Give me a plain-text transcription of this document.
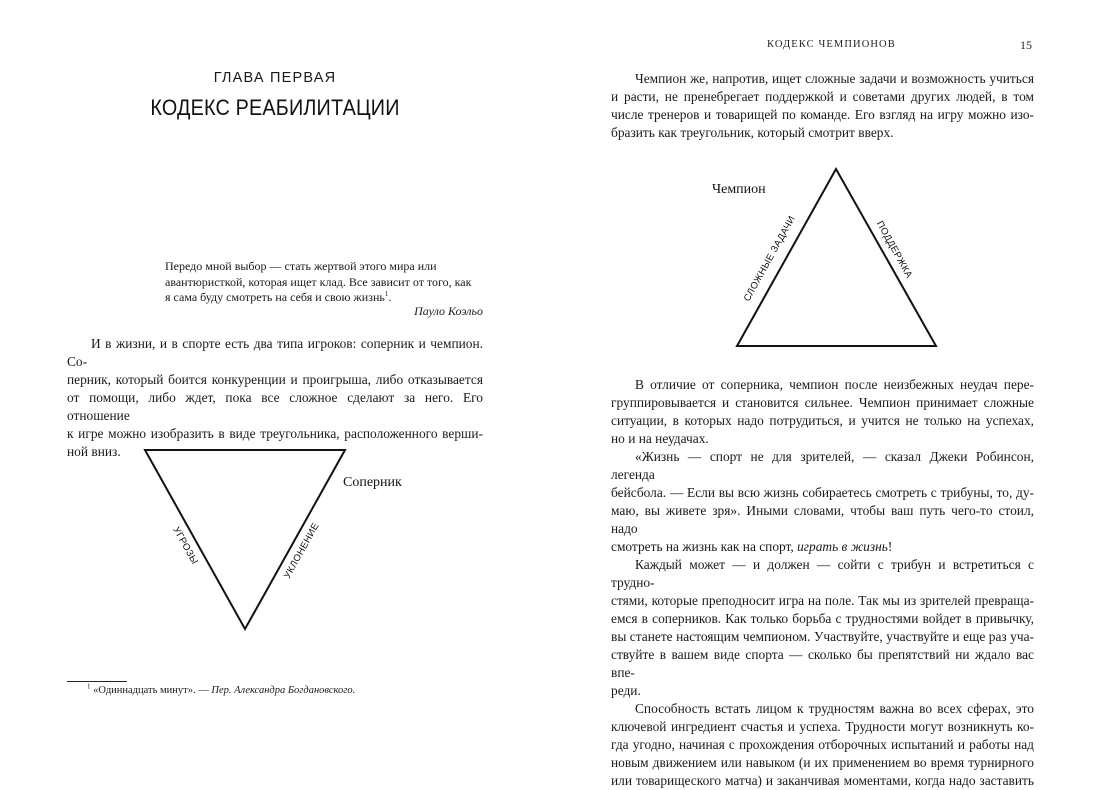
ГЛАВА ПЕРВАЯ
КОДЕКС РЕАБИЛИТАЦИИ
Передо мной выбор — стать жертвой этого мира или
авантюристкой, которая ищет клад. Все зависит от того, как
я сама буду смотреть на себя и свою жизнь$^1$.
Пауло Коэльо
И в жизни, и в спорте есть два типа игроков: соперник и чемпион. Со-
перник, который боится конкуренции и проигрыша, либо отказывается
от помощи, либо ждет, пока все сложное сделают за него. Его отношение
к игре можно изобразить в виде треугольника, расположенного верши-
ной вниз.
Соперник
УГРОЗЫ	УКЛОНЕНИЕ
$^1$ «Одиннадцать минут». — Пер. Александра Богдановского.
КОДЕКС ЧЕМПИОНОВ	15
Чемпион же, напротив, ищет сложные задачи и возможность учиться
и расти, не пренебрегает поддержкой и советами других людей, в том
числе тренеров и товарищей по команде. Его взгляд на игру можно изо-
бразить как треугольник, который смотрит вверх.
Чемпион
СЛОЖНЫЕ ЗАДАЧИ	ПОДДЕРЖКА
В отличие от соперника, чемпион после неизбежных неудач пере-
группировывается и становится сильнее. Чемпион принимает сложные
ситуации, в которых надо потрудиться, и учится не только на успехах,
но и на неудачах.
«Жизнь — спорт не для зрителей, — сказал Джеки Робинсон, легенда
бейсбола. — Если вы всю жизнь собираетесь смотреть с трибуны, то, ду-
маю, вы живете зря». Иными словами, чтобы ваш путь чего-то стоил, надо
смотреть на жизнь как на спорт, играть в жизнь!
Каждый может — и должен — сойти с трибун и встретиться с трудно-
стями, которые преподносит игра на поле. Так мы из зрителей превраща-
емся в соперников. Как только борьба с трудностями войдет в привычку,
вы станете настоящим чемпионом. Участвуйте, участвуйте и еще раз уча-
ствуйте в вашем виде спорта — сколько бы препятствий ни ждало вас впе-
реди.
Способность встать лицом к трудностям важна во всех сферах, это
ключевой ингредиент счастья и успеха. Трудности могут возникнуть ко-
гда угодно, начиная с прохождения отборочных испытаний и работы над
новым движением или навыком (и их применением во время турнирного
или товарищеского матча) и заканчивая моментами, когда надо заставить
